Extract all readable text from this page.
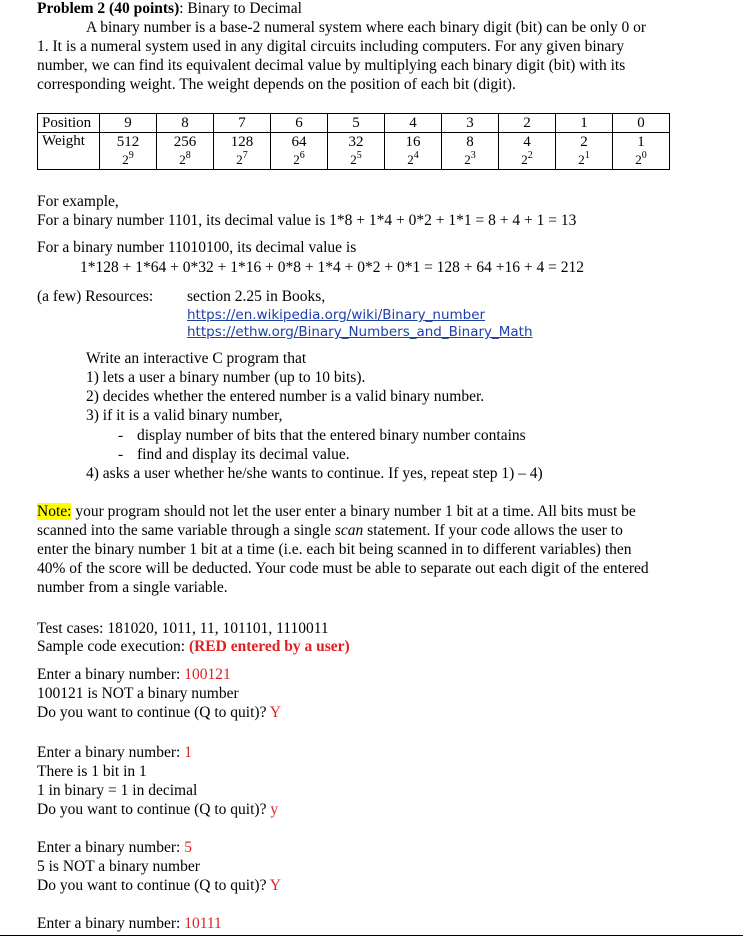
Problem 2 (40 points): Binary to Decimal
A binary number is a base-2 numeral system where each binary digit (bit) can be only 0 or
1. It is a numeral system used in any digital circuits including computers. For any given binary
number, we can find its equivalent decimal value by multiplying each binary digit (bit) with its
corresponding weight. The weight depends on the position of each bit (digit).
Position	9	8	7	6	5	4	3	2	1	0
Weight	512	256	128	64	32	16	8	4	2	1
	$2^9$	$2^8$	$2^7$	$2^6$	$2^5$	$2^4$	$2^3$	$2^2$	$2^1$	$2^0$
For example,
For a binary number 1101, its decimal value is 1*8 + 1*4 + 0*2 + 1*1 = 8 + 4 + 1 = 13
For a binary number 11010100, its decimal value is
1*128 + 1*64 + 0*32 + 1*16 + 0*8 + 1*4 + 0*2 + 0*1 = 128 + 64 +16 + 4 = 212
(a few) Resources: section 2.25 in Books,
https://en.wikipedia.org/wiki/Binary_number
https://ethw.org/Binary_Numbers_and_Binary_Math
Write an interactive C program that
1) lets a user a binary number (up to 10 bits).
2) decides whether the entered number is a valid binary number.
3) if it is a valid binary number,
- display number of bits that the entered binary number contains
- find and display its decimal value.
4) asks a user whether he/she wants to continue. If yes, repeat step 1) – 4)
Note: your program should not let the user enter a binary number 1 bit at a time. All bits must be
scanned into the same variable through a single scan statement. If your code allows the user to
enter the binary number 1 bit at a time (i.e. each bit being scanned in to different variables) then
40% of the score will be deducted. Your code must be able to separate out each digit of the entered
number from a single variable.
Test cases: 181020, 1011, 11, 101101, 1110011
Sample code execution: (RED entered by a user)
Enter a binary number: 100121
100121 is NOT a binary number
Do you want to continue (Q to quit)? Y
Enter a binary number: 1
There is 1 bit in 1
1 in binary = 1 in decimal
Do you want to continue (Q to quit)? y
Enter a binary number: 5
5 is NOT a binary number
Do you want to continue (Q to quit)? Y
Enter a binary number: 10111
